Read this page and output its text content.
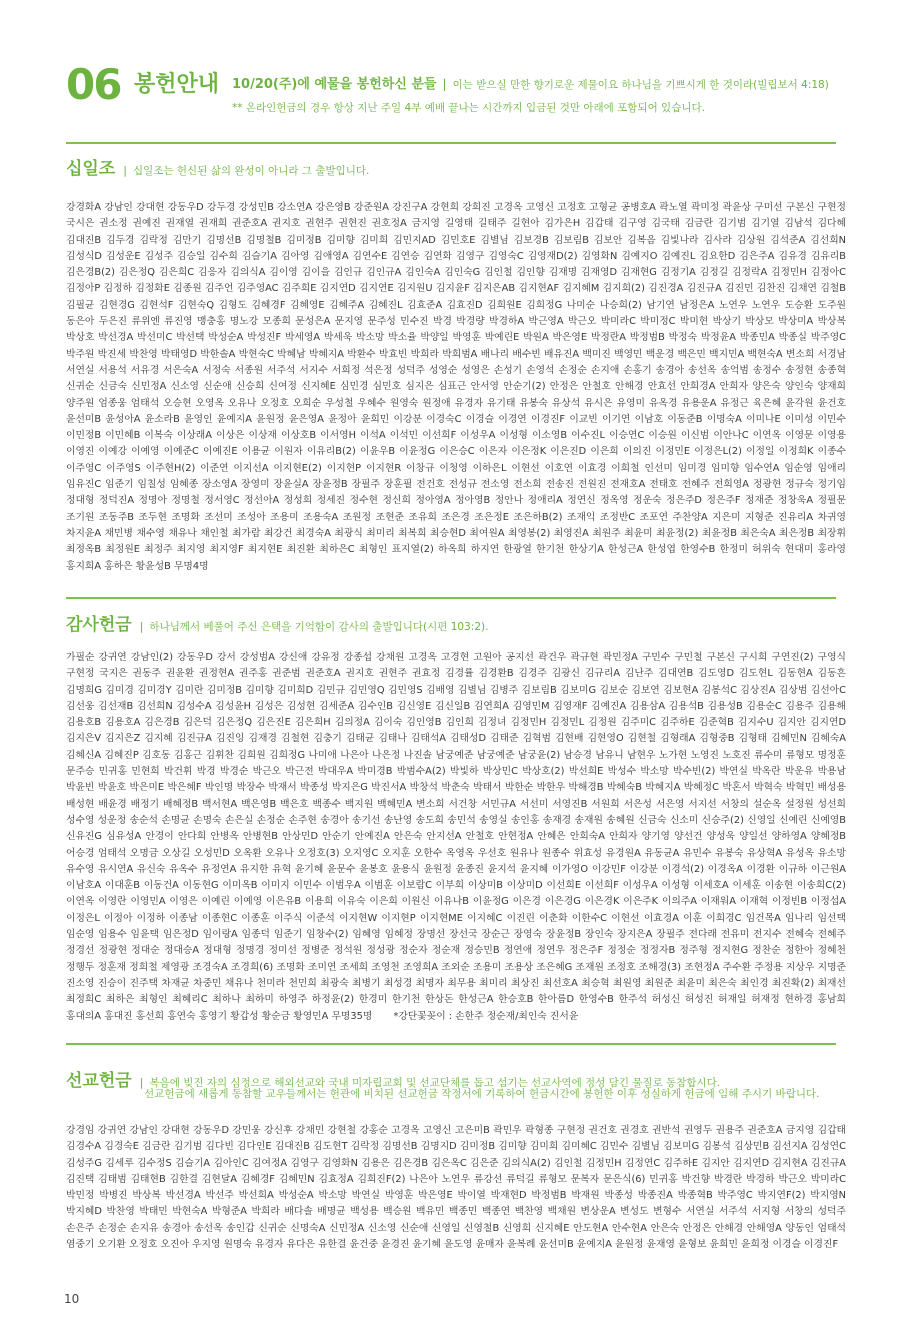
06 봉헌안내 10/20(주)에 예물을 봉헌하신 분들 | 이는 받으실 만한 향기로운 제물이요 하나님을 기쁘시게 한 것이라(빌립보서 4:18)
** 온라인헌금의 경우 항상 지난 주일 4부 예배 끝나는 시간까지 입금된 것만 아래에 포함되어 있습니다.
십일조 | 십일조는 헌신된 삶의 완성이 아니라 그 출발입니다.
강경화A 강남인 강대현 강동우D 강두경 강성민B 강소연A 강은영B 강준원A 강진구A 강현희 강희진 고경옥 고영신 고정호 고형균 공병호A 곽노열 곽미정 곽윤상 구미선 구본신 구현정 국시은 권소정 권예진 권재열 권재희 권준호A 권지호 권현주 권현진 권호정A 금지영 길영태 길태주 길현아 김가은H 김갑태 김구영 김국태 김금란 김기범 김기열 김남석 김다혜 김대진B 김두경 김락정 김만기 김명선B 김명철B 김미정B 김미향 김미희 김민지AD 김민호E 김별님 김보경B 김보림B 김보안 김복음 김빛나라 김사라 김상원 김석준A 김선희N 김성식D 김성운E 김성주 김승일 김수희 김슬기A 김아영 김애영A 김연수E 김연승 김연화 김영구 김영숙C 김영재D(2) 김영화N 김예지O 김예진L 김요한D 김은주A 김유경 김유리B 김은경B(2) 김은정Q 김은희C 김응자 김의식A 김이영 김이을 김인규 김인규A 김인숙A 김인숙G 김인철 김인향 김재명 김재영D 김재현G 김정기A 김정길 김정락A 김정민H 김정아C 김정아P 김정하 김정화E 김종원 김주언 김주영AC 김주희E 김지연D 김지연E 김지원U 김지윤F 김지은AB 김지현AF 김지혜M 김지희(2) 김진경A 김진규A 김진민 김찬진 김채연 김철B 김필균 김현경G 김현석F 김현숙Q 김형도 김혜경F 김혜영E 김혜주A 김혜진L 김효준A 김효진D 김희원E 김희정G 나미순 나승희(2) 남기연 남정은A 노연우 노연우 도승환 도주원 동은아 두은진 류위엔 류진영 맹충홍 명노강 모종희 문성은A 문지영 문주성 민수진 박경 박경량 박경하A 박근영A 박근오 박미라C 박미정C 박미현 박상기 박상모 박상미A 박상복 박상호 박선경A 박선미C 박선택 박성순A 박성진F 박세영A 박세욱 박소망 박소율 박양일 박영훈 박예린E 박원A 박은영E 박정란A 박정범B 박정숙 박정윤A 박종민A 박종실 박주영C 박주원 박진세 박찬영 박태영D 박한솔A 박현숙C 박혜남 박혜지A 박환수 박효빈 박희라 박희범A 배나리 배수빈 배유진A 백미진 백영민 백운경 백은민 백지민A 백현숙A 변소희 서경남 서연실 서용석 서유경 서은숙A 서정숙 서종원 서주석 서지수 서희정 석은정 성덕주 성영순 성영은 손성기 손영석 손정순 손지애 손홍기 송경아 송선옥 송억범 송정수 송정현 송종혁 신귀순 신금숙 신민정A 신소영 신순애 신승희 신여정 신지혜E 심민경 심민호 심지은 심표근 안서영 안순기(2) 안정은 안철호 안해경 안효선 안희경A 안희자 양은숙 양인숙 양재희 양주원 엄종웅 엄태석 오승현 오영옥 오유나 오정호 오희순 우성철 우혜수 원영숙 원정애 유경자 유기태 유봉숙 유상석 유시은 유영미 유옥경 유용운A 유정근 육은혜 윤각원 윤건호 윤선미B 윤성아A 윤소라B 윤영인 윤예지A 윤원정 윤은영A 윤정아 윤희민 이강분 이경숙C 이경슬 이경연 이경진F 이교빈 이기연 이남호 이동준B 이명숙A 이미나E 이미성 이민수 이민정B 이민혜B 이복숙 이상래A 이상은 이상재 이상호B 이서영H 이석A 이석민 이선희F 이성우A 이성형 이소영B 이수진L 이승연C 이승원 이신범 이안나C 이연옥 이영문 이영용 이영진 이예강 이예영 이예준C 이예진E 이용균 이원자 이유리B(2) 이윤우B 이윤정G 이은승C 이은자 이은정K 이은진D 이은희 이의진 이정민E 이정은L(2) 이정일 이정희K 이종수 이주영C 이주영S 이주현H(2) 이준연 이지선A 이지현E(2) 이지현P 이지현R 이창규 이청영 이하은L 이현선 이호연 이효경 이희철 인선미 임미경 임미향 임수연A 임순영 임애리 임유진C 임준기 임칠성 임혜종 장소영A 장영미 장윤실A 장윤정B 장필주 장훈필 전건호 전성규 전소영 전소희 전송진 전원진 전재호A 전태호 전혜주 전희영A 정광현 정규숙 정기임 정대형 정덕진A 정명아 정명철 정서영C 정선아A 정성희 정세진 정수현 정신희 정아영A 정아영B 정안나 정애리A 정연신 정옥영 정운숙 정은주D 정은주F 정재준 정창욱A 정필문 조기원 조동주B 조두현 조명화 조선미 조성아 조용미 조용숙A 조원정 조현준 조유희 조은경 조은정E 조은하B(2) 조재익 조정반C 조포연 주찬양A 지은미 지형준 진유리A 차귀영 차지윤A 채민병 채수영 채유나 채인철 최가람 최강건 최경숙A 최광식 최미리 최복희 최승현D 최여원A 최영봉(2) 최영진A 최원주 최윤미 최윤정(2) 최윤정B 최은숙A 최은정B 최장휘 최정옥B 최정원E 최정주 최지영 최지영F 최지현E 최진환 최하은C 최형인 표지열(2) 하옥희 하지연 한광열 한기천 한상기A 한성근A 한성엽 한영수B 한정미 허위숙 현대미 홍라영 홍지희A 홍하은 황윤성B 무명4명
감사헌금 | 하나님께서 베풀어 주신 은택을 기억함이 감사의 출발입니다(시편 103:2).
가필순 강귀연 강남인(2) 강동우D 강서 강성범A 강신애 강유정 강종섭 강채원 고경옥 고경현 고원아 공지선 곽건우 곽규현 곽민정A 구민수 구민철 구본신 구시희 구연진(2) 구영식 구현정 국지은 권동주 권윤환 권정현A 권주홍 권준범 권준호A 권지호 권현주 권효정 김경률 김경환B 김경주 김광신 김규리A 김난주 김대연B 김도영D 김도현L 김동현A 김동흔 김명희G 김미경 김미경Y 김미란 김미정B 김미향 김미희D 김민규 김민영Q 김민영S 김배영 김별님 김병주 김보림B 김보미G 김보순 김보연 김보현A 김봉석C 김상진A 김상범 김선아C 김선웅 김선재B 김선희N 김성수A 김성윤H 김성은 김성현 김세준A 김수인B 김신영E 김신일B 김연희A 김영민M 김영재F 김예진A 김용삼A 김용석B 김용성B 김용순C 김용주 김용해 김용호B 김용호A 김은경B 김은덕 김은정Q 김은진E 김은희H 김의정A 김이숙 김인영B 김인희 김정녀 김정민H 김정민L 김정원 김주미C 김주하E 김준혁B 김지수U 김지안 김지연D 김지은V 김지은Z 김지혜 김진규A 김진잉 김재경 김철현 김충기 김태균 김태나 김태석A 김태성D 김태준 김혁범 김현배 김현영O 김현철 김형래A 김형중B 김형태 김혜민N 김혜숙A 김혜신A 김혜진P 김호동 김홍근 김휘찬 김희원 김희정G 나미애 나은아 나은정 나진솔 남궁예준 남궁예준 남궁윤(2) 남승경 남유니 남현우 노가현 노영진 노호진 류수미 류형모 명정훈 문주승 민귀홍 민현희 박건휘 박경 박경순 박근오 박근전 박대우A 박미경B 박범수A(2) 박빛하 박상민C 박상호(2) 박선희E 박성수 박소망 박수빈(2) 박연실 박옥란 박운유 박용남 박윤빈 박윤호 박은미E 박은혜F 박인명 박장수 박재서 박종성 박지은G 박진서A 박창석 박춘숙 박태서 박한순 박한우 박해경B 박혜숙B 박혜지A 박혜정C 박혼서 박혁숙 박혁민 배성용 배성현 배윤경 배정기 배혜정B 백서현A 백은영B 백은호 백종수 백지원 백혜민A 변소희 서건창 서민규A 서선미 서영진B 서원희 서은성 서은영 서지선 서창의 설순옥 설정원 성선희 성수영 성운정 송순석 손명균 손명숙 손은실 손정순 손주현 송경아 송기선 송난영 송도희 송민석 송영실 송인홍 송재경 송재원 송혜원 신금숙 신소미 신승주(2) 신영일 신예린 신예영B 신유진G 심유성A 안경이 안다희 안병옥 안병현B 안상민D 안순기 안예진A 안은숙 안지선A 안철호 안현정A 안혜은 안희숙A 안희자 양기영 양선건 양성욱 양일선 양하영A 양혜정B 어승경 엄태석 오명금 오상길 오성민D 오옥환 오유나 오정호(3) 오지영C 오지훈 오한수 옥영옥 우선호 원유나 원종수 위효성 유경원A 유동균A 유민수 유봉숙 유상혁A 유성옥 유소망 유수영 유시연A 유신숙 유옥수 유정연A 유지한 유혁 윤기혜 윤문수 윤봉호 윤용식 윤원정 윤종진 윤지석 윤지혜 이가영O 이강민F 이강분 이경석(2) 이경옥A 이경환 이규하 이근원A 이남호A 이대훈B 이동건A 이동현G 이미옥B 이미지 이민수 이범우A 이범훈 이보람C 이부희 이상미B 이상미D 이선희E 이선희F 이성우A 이성형 이세호A 이세훈 이송현 이송희C(2) 이연옥 이영란 이영민A 이영은 이예린 이예영 이은유B 이용희 이유숙 이은희 이원신 이유나B 이윤정G 이은경 이은경G 이은경K 이은주K 이의주A 이재워A 이재혁 이정빈B 이정섭A 이정은L 이정아 이정하 이종남 이종현C 이종훈 이주식 이준석 이지현W 이지현P 이지현ME 이지혜C 이진린 이춘화 이한수C 이현선 이효경A 이훈 이희경C 임건목A 임나리 임선택 임순영 임용수 임윤택 임은정D 임이랑A 임종덕 임준기 임창수(2) 임혜영 임혜정 장명선 장선국 장순근 장영숙 장윤정B 장인숙 장지은A 장필주 전다래 전유미 전지수 전혜숙 전혜주 정경선 정광현 정대순 정대승A 정대형 정명경 정미선 정병준 정석원 정성광 정순자 정순재 정승민B 정연애 정연우 정은주F 정정순 정정자B 정주형 정지현G 정찬순 정한아 정혜천 정행두 정훈재 정희철 제영광 조경숙A 조경희(6) 조명화 조미연 조세희 조영천 조영희A 조외순 조용미 조용상 조은혜G 조재원 조정호 조해경(3) 조현정A 주수환 주정용 지상우 지명준 진소영 진승이 진주택 차재균 차중민 채유나 천미라 천민희 최광숙 최병기 최성경 최명자 최무용 최미리 최상진 최선호A 최승혁 최원영 최원준 최윤미 최은숙 최인경 최진확(2) 최재선 최정희C 최하은 최형인 최혜리C 최하나 최하미 하영주 하정윤(2) 한경미 한기천 한상돈 한성근A 한승호B 한아름D 한영수B 한주석 허성신 허성진 허재일 허재정 현하경 홍남희 홍대의A 홍대진 홍선희 홍연숙 홍영기 황갑성 황순금 황영민A 무명35명 *강단꽃꽂이 : 손한주 정순재/최인숙 진서윤
선교헌금 | 복음에 빚진 자의 심정으로 해외선교와 국내 미자립교회 및 선교단체를 돕고 섬기는 선교사역에 정성 담긴 물질로 동참합시다.
선교헌금에 새롭게 동참할 교우들께서는 헌관에 비치된 선교헌금 작정서에 기록하여 헌금시간에 봉헌한 이후 성실하게 헌금에 임해 주시기 바랍니다.
강경임 강귀연 강남인 강대현 강동우D 강민웅 강신후 강채민 강현철 강홍순 고경옥 고영신 고은미B 곽민우 곽형종 구현정 권건호 권경호 권반석 권영두 권용주 권준호A 금지영 김갑태 김경수A 김경숙E 김금란 김기범 김다빈 김다인E 김대진B 김도현T 김락정 김명선B 김명지D 김미정B 김미향 김미희 김미혜C 김민수 김별님 김보미G 김봉석 김상민B 김선지A 김성연C 김성주G 김세루 김수정S 김슬기A 김아인C 김여정A 김영구 김영화N 김용은 김은경B 김은옥C 김은준 김의식A(2) 김인철 김정민H 김정연C 김주하E 김지안 김지연D 김지현A 김진규A 김진택 김태범 김태현B 김한결 김현달A 김혜경F 김혜민N 김효정A 김희진F(2) 나은아 노연우 류강선 류덕길 류형모 문복자 문은식(6) 민귀홍 박건향 박경란 박경하 박근오 박미라C 박민정 박병진 박상복 박선경A 박선주 박선희A 박성순A 박소망 박연실 박영훈 박은영E 박이열 박재현D 박정범B 박재원 박종성 박종진A 박종혁B 박주영C 박지연F(2) 박지영N 박지혜D 박찬영 박태민 박현숙A 박형준A 박희라 배다솔 배명균 백성용 백승원 백유민 백종민 백종연 백찬영 백채원 변상운A 변성도 변형수 서연실 서주석 서지형 서창의 성덕주 손은주 손정순 손지유 송경아 송선옥 송인갑 신귀순 신명숙A 신민정A 신소영 신순애 신영일 신영철B 신영희 신지혜E 안도현A 안수현A 안은숙 안정은 안해경 안해영A 양동인 엄태석 염중기 오기환 오정호 오진아 우지영 원명숙 유경자 유다은 유한결 윤건중 윤경진 윤기혜 윤도영 윤매자 윤복례 윤선미B 윤예지A 윤원정 윤재영 윤형보 윤희민 윤희정 이경슬 이경진F
10
